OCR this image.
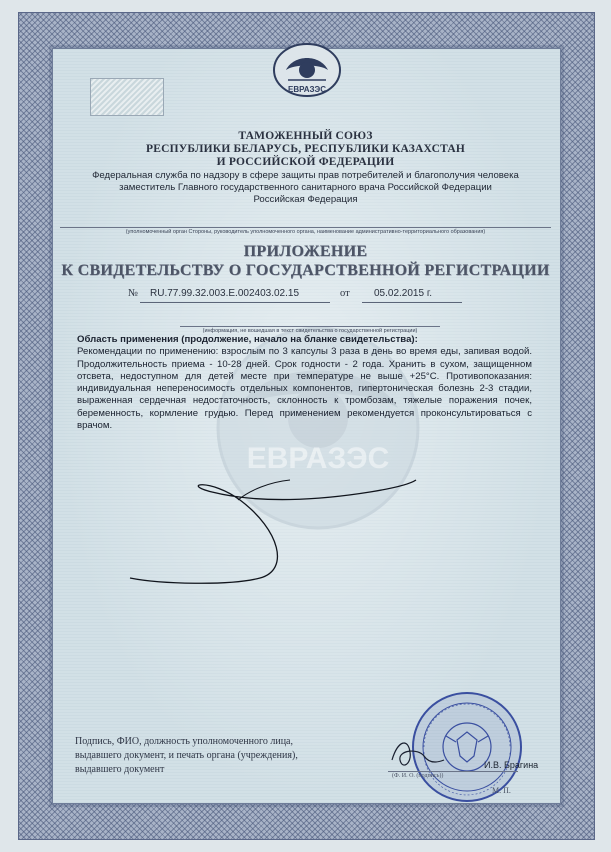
ЕВРАЗЭС
ЕВРАЗЭС
ТАМОЖЕННЫЙ СОЮЗ
РЕСПУБЛИКИ БЕЛАРУСЬ, РЕСПУБЛИКИ КАЗАХСТАН
И РОССИЙСКОЙ ФЕДЕРАЦИИ
Федеральная служба по надзору в сфере защиты прав потребителей и благополучия человека
заместитель Главного государственного санитарного врача Российской Федерации
Российская Федерация
(уполномоченный орган Стороны, руководитель уполномоченного органа, наименование административно-территориального образования)
ПРИЛОЖЕНИЕ
К СВИДЕТЕЛЬСТВУ О ГОСУДАРСТВЕННОЙ РЕГИСТРАЦИИ
№ RU.77.99.32.003.E.002403.02.15	от 05.02.2015 г.
(информация, не вошедшая в текст свидетельства о государственной регистрации)
Область применения (продолжение, начало на бланке свидетельства):
Рекомендации по применению: взрослым по 3 капсулы 3 раза в день во время еды, запивая водой. Продолжительность приема - 10-28 дней. Срок годности - 2 года. Хранить в сухом, защищенном отсвета, недоступном для детей месте при температуре не выше +25°С. Противопоказания: индивидуальная непереносимость отдельных компонентов, гипертоническая болезнь 2-3 стадии, выраженная сердечная недостаточность, склонность к тромбозам, тяжелые поражения почек, беременность, кормление грудью. Перед применением рекомендуется проконсультироваться с врачом.
Подпись, ФИО, должность уполномоченного лица, выдавшего документ, и печать органа (учреждения), выдавшего документ	И.В. Брагина
(Ф. И. О. (подпись))
М. П.
